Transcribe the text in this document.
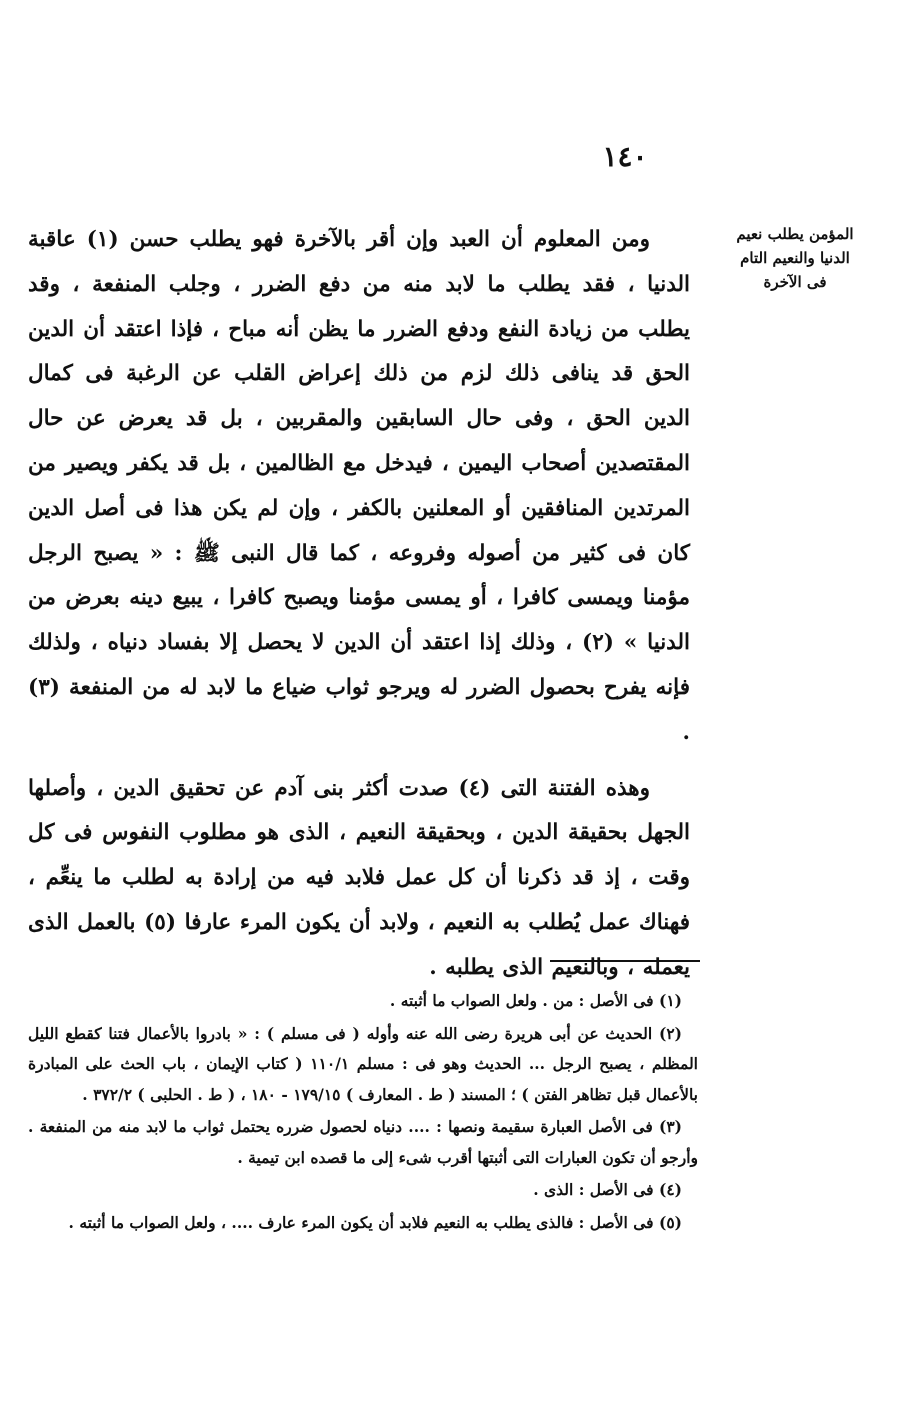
١٤٠
المؤمن يطلب نعيم
الدنيا والنعيم التام
فى الآخرة

ومن المعلوم أن العبد وإن أقر بالآخرة فهو يطلب حسن (١) عاقبة الدنيا ، فقد يطلب ما لابد منه من دفع الضرر ، وجلب المنفعة ، وقد يطلب من زيادة النفع ودفع الضرر ما يظن أنه مباح ، فإذا اعتقد أن الدين الحق قد ينافى ذلك لزم من ذلك إعراض القلب عن الرغبة فى كمال الدين الحق ، وفى حال السابقين والمقربين ، بل قد يعرض عن حال المقتصدين أصحاب اليمين ، فيدخل مع الظالمين ، بل قد يكفر ويصير من المرتدين المنافقين أو المعلنين بالكفر ، وإن لم يكن هذا فى أصل الدين كان فى كثير من أصوله وفروعه ، كما قال النبى ﷺ : « يصبح الرجل مؤمنا ويمسى كافرا ، أو يمسى مؤمنا ويصبح كافرا ، يبيع دينه بعرض من الدنيا » (٢) ، وذلك إذا اعتقد أن الدين لا يحصل إلا بفساد دنياه ، ولذلك فإنه يفرح بحصول الضرر له ويرجو ثواب ضياع ما لابد له من المنفعة (٣) .

وهذه الفتنة التى (٤) صدت أكثر بنى آدم عن تحقيق الدين ، وأصلها الجهل بحقيقة الدين ، وبحقيقة النعيم ، الذى هو مطلوب النفوس فى كل وقت ، إذ قد ذكرنا أن كل عمل فلابد فيه من إرادة به لطلب ما ينعِّم ، فهناك عمل يُطلب به النعيم ، ولابد أن يكون المرء عارفا (٥) بالعمل الذى يعمله ، وبالنعيم الذى يطلبه .

(١) فى الأصل : من . ولعل الصواب ما أثبته .

(٢) الحديث عن أبى هريرة رضى الله عنه وأوله ( فى مسلم ) : « بادروا بالأعمال فتنا كقطع الليل المظلم ، يصبح الرجل ... الحديث وهو فى : مسلم ١١٠/١ ( كتاب الإيمان ، باب الحث على المبادرة بالأعمال قبل تظاهر الفتن ) ؛ المسند ( ط . المعارف ) ١٧٩/١٥ - ١٨٠ ، ( ط . الحلبى ) ٣٧٢/٢ .

(٣) فى الأصل العبارة سقيمة ونصها : .... دنياه لحصول ضرره يحتمل ثواب ما لابد منه من المنفعة . وأرجو أن تكون العبارات التى أثبتها أقرب شىء إلى ما قصده ابن تيمية .

(٤) فى الأصل : الذى .

(٥) فى الأصل : فالذى يطلب به النعيم فلابد أن يكون المرء عارف .... ، ولعل الصواب ما أثبته .
